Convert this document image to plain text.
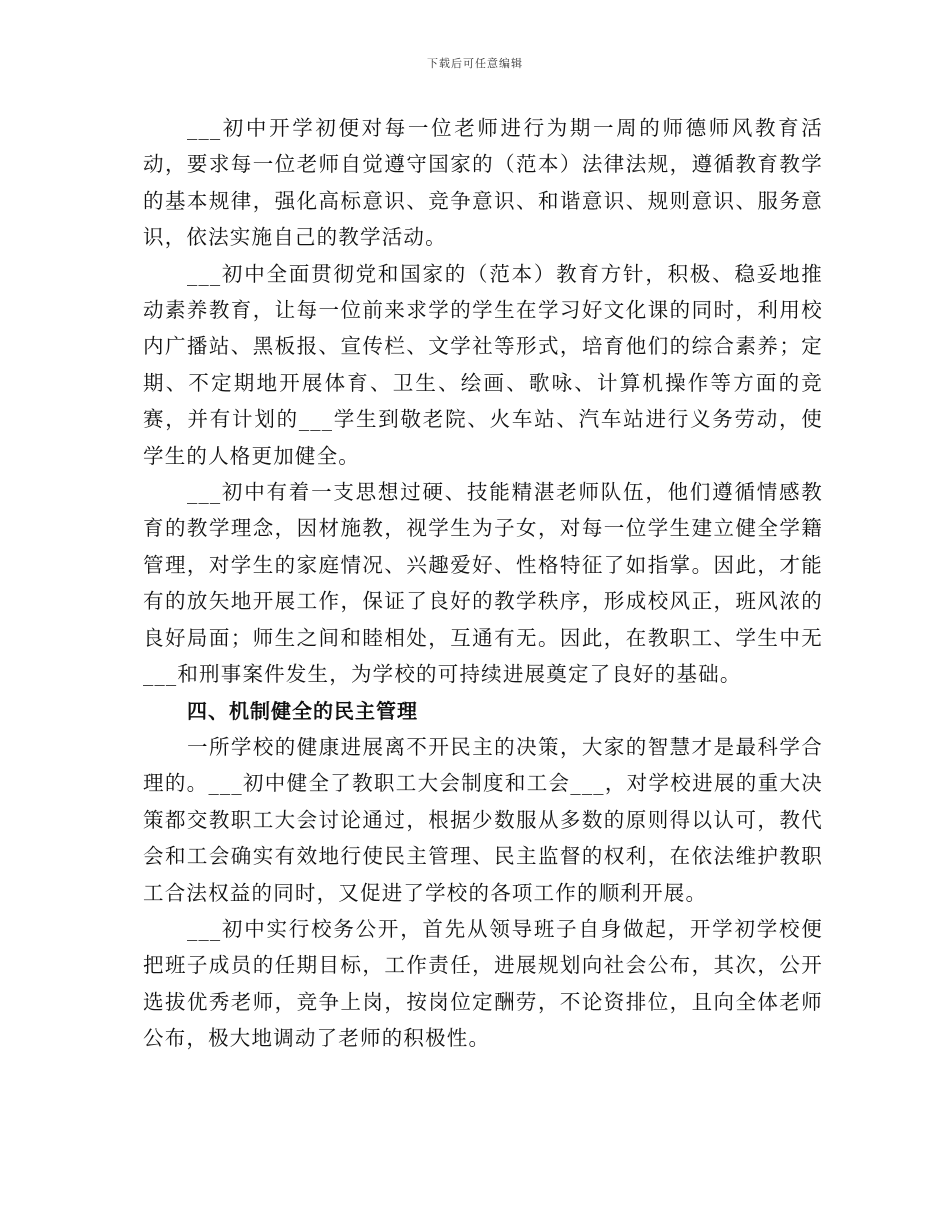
下载后可任意编辑

___初中开学初便对每一位老师进行为期一周的师德师风教育活动，要求每一位老师自觉遵守国家的（范本）法律法规，遵循教育教学的基本规律，强化高标意识、竞争意识、和谐意识、规则意识、服务意识，依法实施自己的教学活动。

___初中全面贯彻党和国家的（范本）教育方针，积极、稳妥地推动素养教育，让每一位前来求学的学生在学习好文化课的同时，利用校内广播站、黑板报、宣传栏、文学社等形式，培育他们的综合素养；定期、不定期地开展体育、卫生、绘画、歌咏、计算机操作等方面的竞赛，并有计划的___学生到敬老院、火车站、汽车站进行义务劳动，使学生的人格更加健全。

___初中有着一支思想过硬、技能精湛老师队伍，他们遵循情感教育的教学理念，因材施教，视学生为子女，对每一位学生建立健全学籍管理，对学生的家庭情况、兴趣爱好、性格特征了如指掌。因此，才能有的放矢地开展工作，保证了良好的教学秩序，形成校风正，班风浓的良好局面；师生之间和睦相处，互通有无。因此，在教职工、学生中无___和刑事案件发生，为学校的可持续进展奠定了良好的基础。

四、机制健全的民主管理

一所学校的健康进展离不开民主的决策，大家的智慧才是最科学合理的。___初中健全了教职工大会制度和工会___，对学校进展的重大决策都交教职工大会讨论通过，根据少数服从多数的原则得以认可，教代会和工会确实有效地行使民主管理、民主监督的权利，在依法维护教职工合法权益的同时，又促进了学校的各项工作的顺利开展。

___初中实行校务公开，首先从领导班子自身做起，开学初学校便把班子成员的任期目标，工作责任，进展规划向社会公布，其次，公开选拔优秀老师，竞争上岗，按岗位定酬劳，不论资排位，且向全体老师公布，极大地调动了老师的积极性。
